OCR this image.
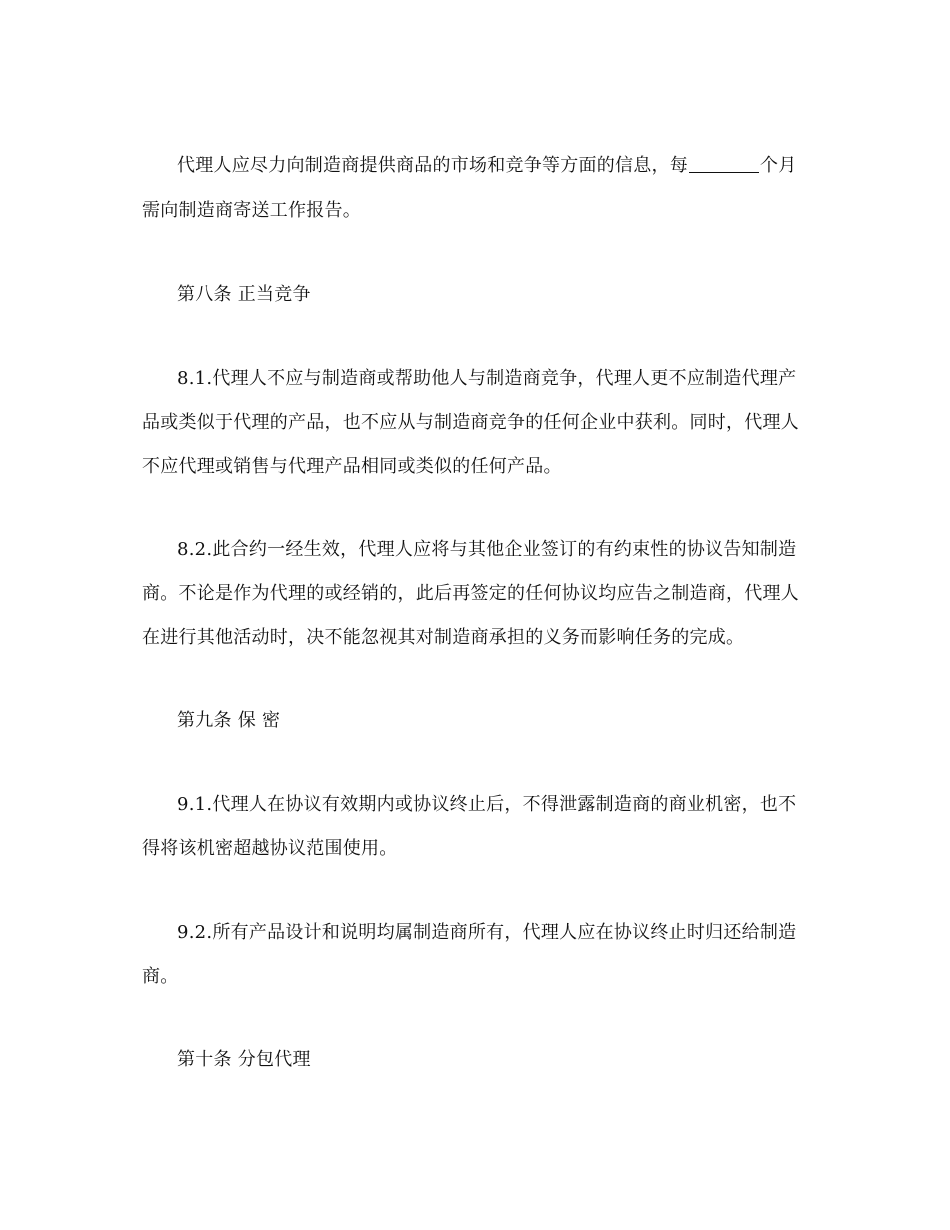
代理人应尽力向制造商提供商品的市场和竞争等方面的信息，每	个月
需向制造商寄送工作报告。
第八条 正当竞争
8.1.代理人不应与制造商或帮助他人与制造商竞争，代理人更不应制造代理产
品或类似于代理的产品，也不应从与制造商竞争的任何企业中获利。同时，代理人
不应代理或销售与代理产品相同或类似的任何产品。
8.2.此合约一经生效，代理人应将与其他企业签订的有约束性的协议告知制造
商。不论是作为代理的或经销的，此后再签定的任何协议均应告之制造商，代理人
在进行其他活动时，决不能忽视其对制造商承担的义务而影响任务的完成。
第九条 保 密
9.1.代理人在协议有效期内或协议终止后，不得泄露制造商的商业机密，也不
得将该机密超越协议范围使用。
9.2.所有产品设计和说明均属制造商所有，代理人应在协议终止时归还给制造
商。
第十条 分包代理
